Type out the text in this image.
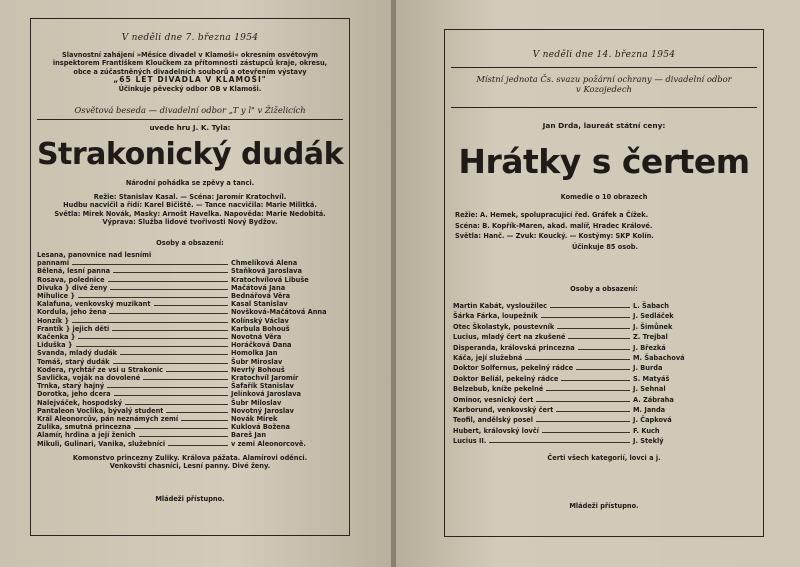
V neděli dne 7. března 1954
Slavnostní zahájení »Měsíce divadel v Klamoši« okresním osvětovým
inspektorem Františkem Kloučkem za přítomnosti zástupců kraje, okresu,
obce a zúčastněných divadelních souborů a otevřením výstavy
„65 LET DIVADLA V KLAMOŠI"
Účinkuje pěvecký odbor OB v Klamoši.
Osvětová beseda — divadelní odbor „T y l" v Žiželicích
uvede hru J. K. Tyla:
Strakonický dudák
Národní pohádka se zpěvy a tanci.
Režie: Stanislav Kasal. — Scéna: Jaromír Kratochvíl.
Hudbu nacvičil a řídí: Karel Bičiště. — Tance nacvičila: Marie Militká.
Světla: Mirek Novák, Masky: Arnošt Havelka. Napověda: Marie Nedobitá.
Výprava: Služba lidové tvořivosti Nový Bydžov.
Osoby a obsazení:
Lesana, panovnice nad lesními
pannami	Chmelíková Alena
Bělená, lesní panna	Staňková Jaroslava
Rosava, polednice	Kratochvílová Libuše
Divuka } divé ženy	Mačátová Jana
Mihulice }	Bednářová Věra
Kalafuna, venkovský muzikant	Kasal Stanislav
Kordula, jeho žena	Novšková-Mačátová Anna
Honzík }	Kolínský Václav
Frantík } jejich děti	Karbula Bohouš
Kačenka }	Novotná Věra
Liduška }	Horáčková Dana
Švanda, mladý dudák	Homolka Jan
Tomáš, starý dudák	Šubr Miroslav
Kodera, rychtář ze vsi u Strakonic	Nevrlý Bohouš
Šavlička, voják na dovolené	Kratochvíl Jaromír
Trnka, starý hajný	Šafařík Stanislav
Dorotka, jeho dcera	Jelínková Jaroslava
Nalejváček, hospodský	Šubr Miloslav
Pantaleon Voclika, bývalý student	Novotný Jaroslav
Král Aleonorcův, pán neznámých zemí	Novák Mirek
Zulika, smutná princezna	Kuklová Božena
Alamír, hrdina a její ženich	Bareš Jan
Mikuli, Gulinari, Vanika, služebníci	v zemi Aleonorcově.
Komonstvo princezny Zuliky. Králova pážata. Alamírovi oděnci.
Venkovští chasníci, Lesní panny. Divé ženy.
Mládeži přístupno.
V neděli dne 14. března 1954
Místní jednota Čs. svazu požární ochrany — divadelní odbor
v Kozojedech
Jan Drda, laureát státní ceny:
Hrátky s čertem
Komedie o 10 obrazech
Režie: A. Hemek, spolupracující řed. Gráfek a Čížek.
Scéna: B. Kopřík-Maren, akad. malíř, Hradec Králové.
Světla: Hanč. — Zvuk: Koucký. — Kostýmy: SKP Kolín.
Účinkuje 85 osob.
Osoby a obsazení:
Martin Kabát, vysloužilec	L. Šabach
Šárka Fárka, loupežník	J. Sedláček
Otec Školastyk, poustevník	J. Šimůnek
Lucius, mladý čert na zkušené	Z. Trejbal
Disperanda, královská princezna	J. Březká
Káča, její služebná	M. Šabachová
Doktor Solfernus, pekelný rádce	J. Burda
Doktor Beliál, pekelný rádce	S. Matyáš
Belzebub, kníže pekelné	J. Sehnal
Ominor, vesnický čert	A. Zábraha
Karborund, venkovský čert	M. Janda
Teofil, andělský posel	J. Čapková
Hubert, královský lovčí	F. Kuch
Lucius II.	J. Steklý
Čerti všech kategorií, lovci a j.
Mládeži přístupno.
